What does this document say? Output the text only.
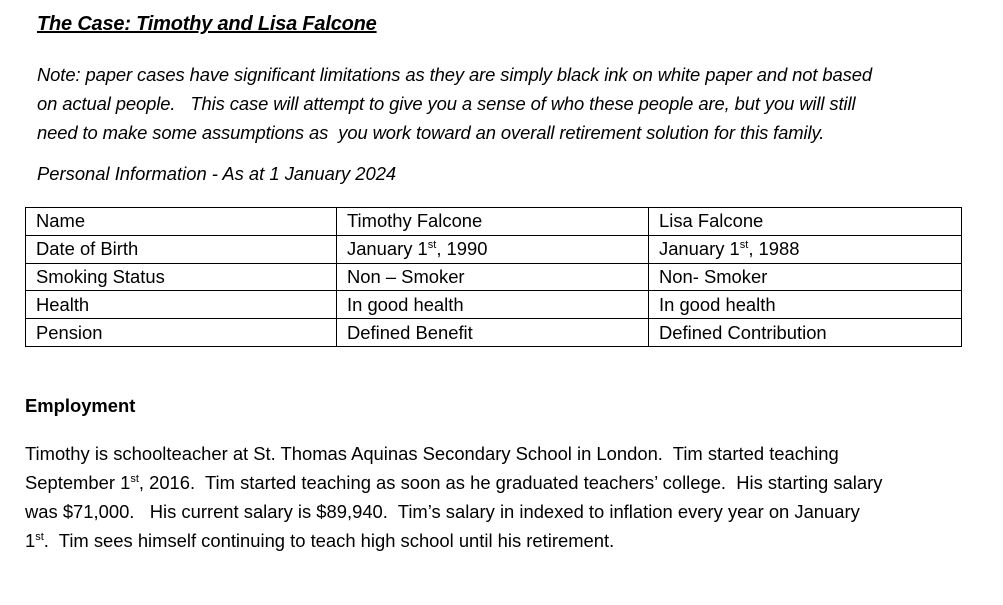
The Case: Timothy and Lisa Falcone
Note: paper cases have significant limitations as they are simply black ink on white paper and not based
on actual people.   This case will attempt to give you a sense of who these people are, but you will still
need to make some assumptions as  you work toward an overall retirement solution for this family.
Personal Information - As at 1 January 2024
Name	Timothy Falcone	Lisa Falcone
Date of Birth	January 1st, 1990	January 1st, 1988
Smoking Status	Non – Smoker	Non- Smoker
Health	In good health	In good health
Pension	Defined Benefit	Defined Contribution
Employment
Timothy is schoolteacher at St. Thomas Aquinas Secondary School in London.  Tim started teaching
September 1st, 2016.  Tim started teaching as soon as he graduated teachers’ college.  His starting salary
was $71,000.   His current salary is $89,940.  Tim’s salary in indexed to inflation every year on January
1st.  Tim sees himself continuing to teach high school until his retirement.
